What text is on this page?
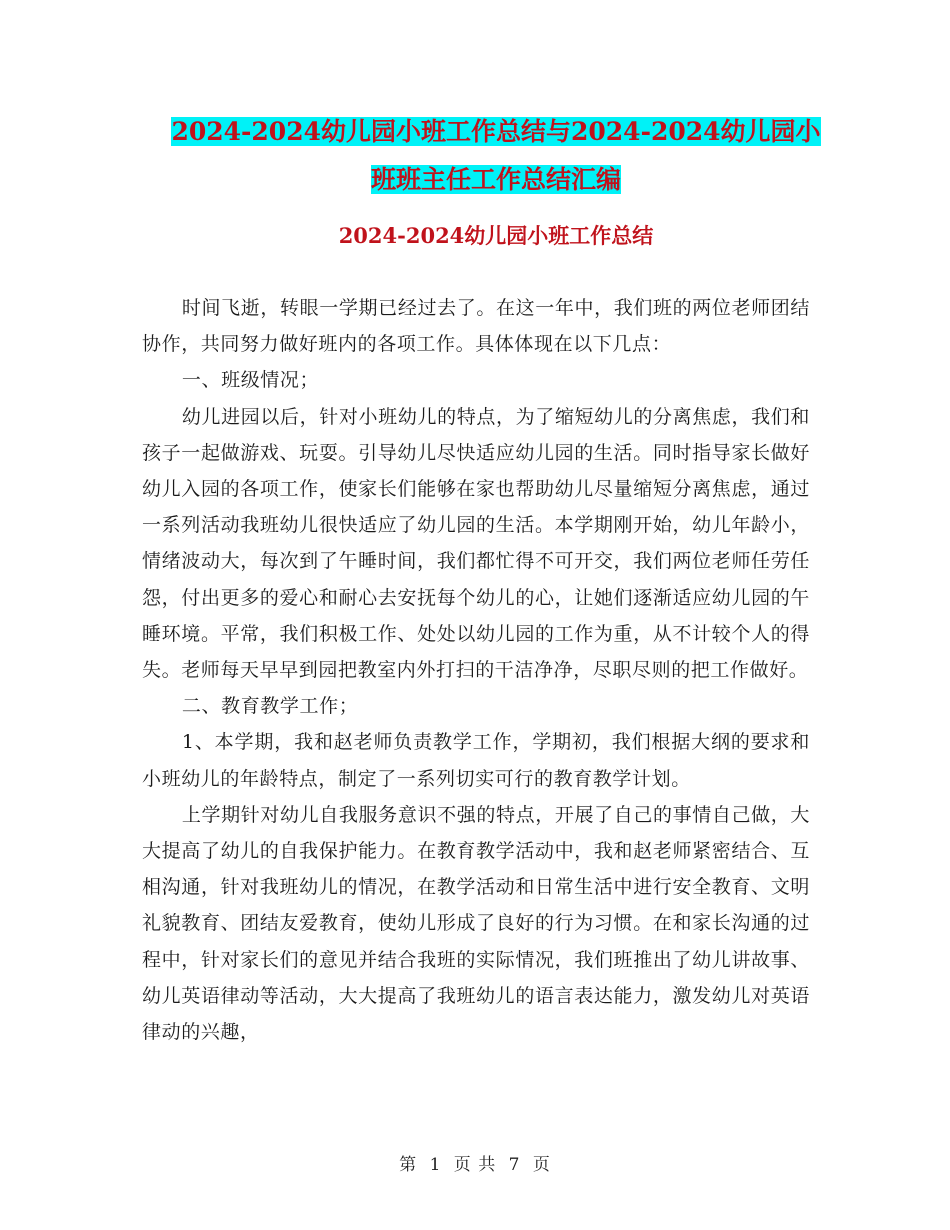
2024-2024幼儿园小班工作总结与2024-2024幼儿园小
班班主任工作总结汇编
2024-2024幼儿园小班工作总结

时间飞逝，转眼一学期已经过去了。在这一年中，我们班的两位老师团结协作，共同努力做好班内的各项工作。具体体现在以下几点：

一、班级情况；

幼儿进园以后，针对小班幼儿的特点，为了缩短幼儿的分离焦虑，我们和孩子一起做游戏、玩耍。引导幼儿尽快适应幼儿园的生活。同时指导家长做好幼儿入园的各项工作，使家长们能够在家也帮助幼儿尽量缩短分离焦虑，通过一系列活动我班幼儿很快适应了幼儿园的生活。本学期刚开始，幼儿年龄小，情绪波动大，每次到了午睡时间，我们都忙得不可开交，我们两位老师任劳任怨，付出更多的爱心和耐心去安抚每个幼儿的心，让她们逐渐适应幼儿园的午睡环境。平常，我们积极工作、处处以幼儿园的工作为重，从不计较个人的得失。老师每天早早到园把教室内外打扫的干洁净净，尽职尽则的把工作做好。

二、教育教学工作；

1、本学期，我和赵老师负责教学工作，学期初，我们根据大纲的要求和小班幼儿的年龄特点，制定了一系列切实可行的教育教学计划。

上学期针对幼儿自我服务意识不强的特点，开展了自己的事情自己做，大大提高了幼儿的自我保护能力。在教育教学活动中，我和赵老师紧密结合、互相沟通，针对我班幼儿的情况，在教学活动和日常生活中进行安全教育、文明礼貌教育、团结友爱教育，使幼儿形成了良好的行为习惯。在和家长沟通的过程中，针对家长们的意见并结合我班的实际情况，我们班推出了幼儿讲故事、幼儿英语律动等活动，大大提高了我班幼儿的语言表达能力，激发幼儿对英语律动的兴趣，

第 1 页 共 7 页
